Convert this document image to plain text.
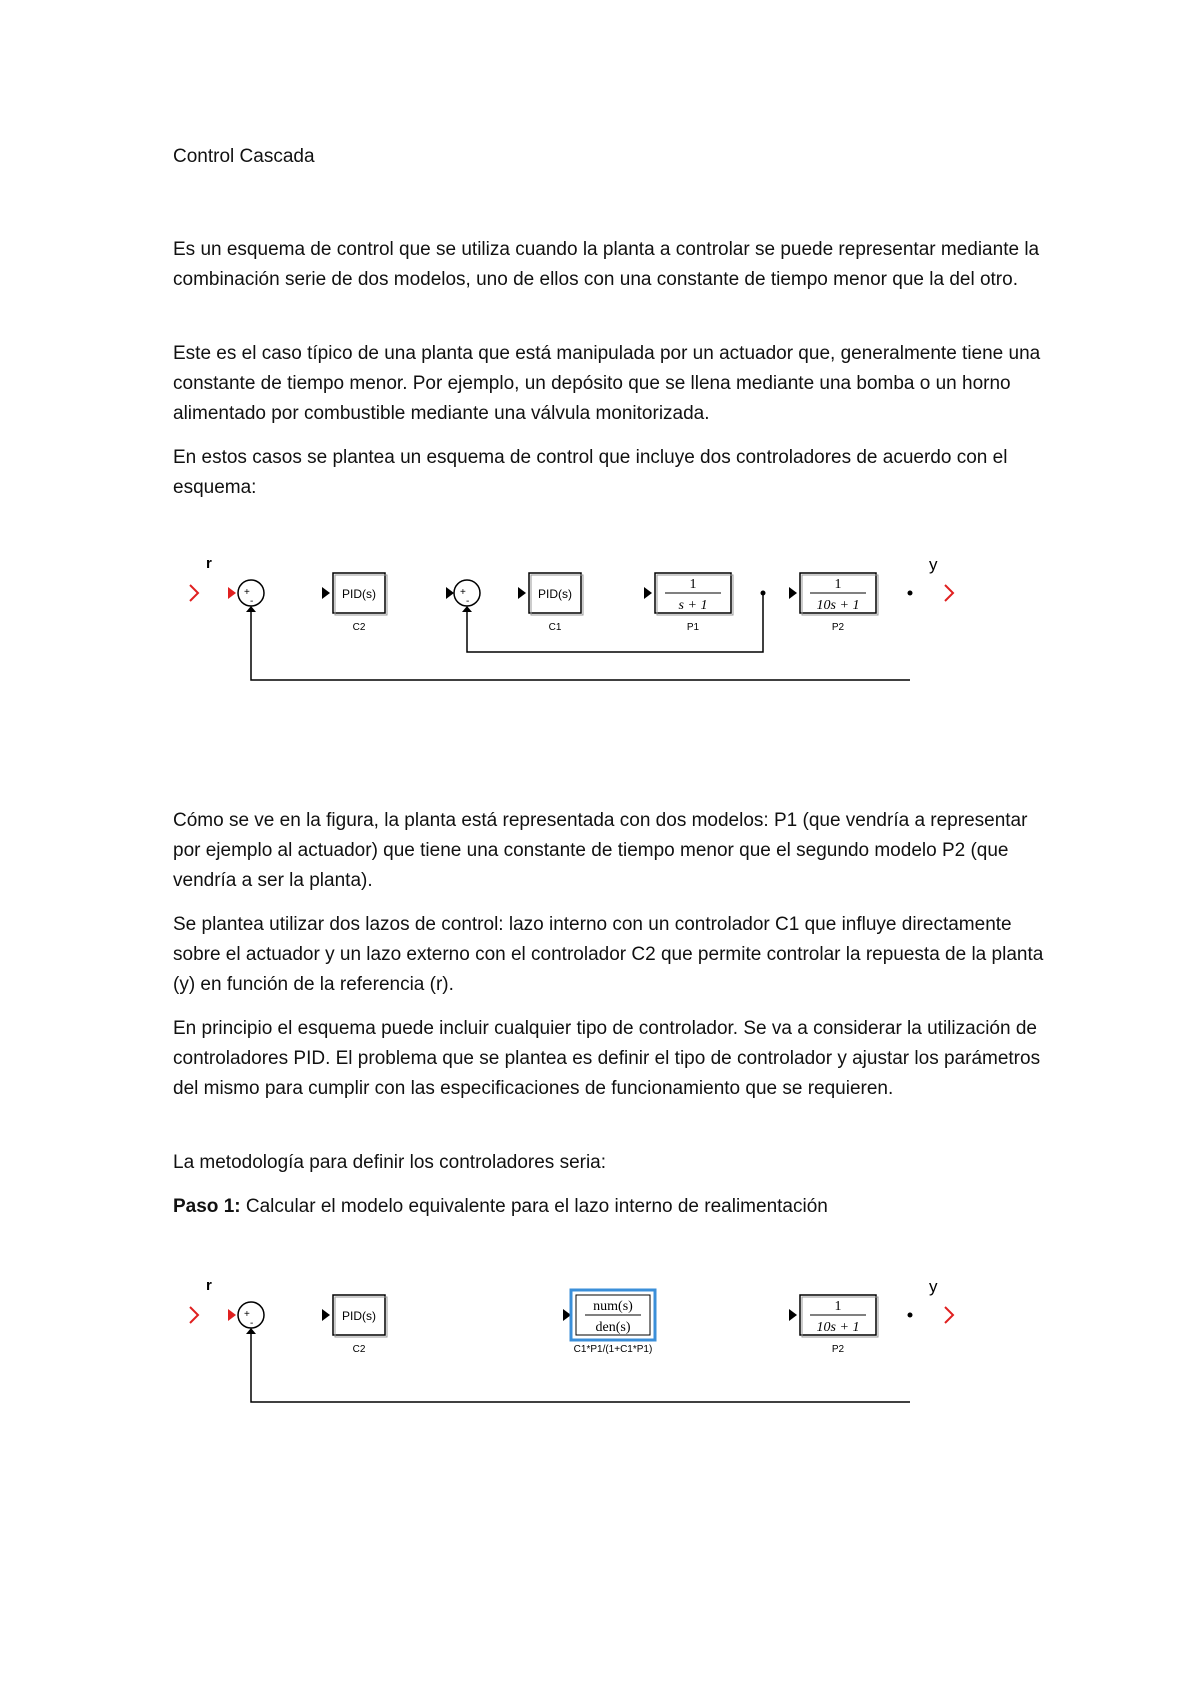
Control Cascada

Es un esquema de control que se utiliza cuando la planta a controlar se puede representar mediante la combinación serie de dos modelos, uno de ellos con una constante de tiempo menor que la del otro.

Este es el caso típico de una planta que está manipulada por un actuador que, generalmente tiene una constante de tiempo menor. Por ejemplo, un depósito que se llena mediante una bomba o un horno alimentado por combustible mediante una válvula monitorizada.

En estos casos se plantea un esquema de control que incluye dos controladores de acuerdo con el esquema:

r
+
-
PID(s)
C2
+
-
PID(s)
C1
1
s + 1
P1
1
10s + 1
P2
y

Cómo se ve en la figura, la planta está representada con dos modelos: P1 (que vendría a representar por ejemplo al actuador) que tiene una constante de tiempo menor que el segundo modelo P2 (que vendría a ser la planta).

Se plantea utilizar dos lazos de control: lazo interno con un controlador C1 que influye directamente sobre el actuador y un lazo externo con el controlador C2 que permite controlar la repuesta de la planta (y) en función de la referencia (r).

En principio el esquema puede incluir cualquier tipo de controlador. Se va a considerar la utilización de controladores PID. El problema que se plantea es definir el tipo de controlador y ajustar los parámetros del mismo para cumplir con las especificaciones de funcionamiento que se requieren.

La metodología para definir los controladores seria:

Paso 1: Calcular el modelo equivalente para el lazo interno de realimentación

r
+
-
PID(s)
C2
num(s)
den(s)
C1*P1/(1+C1*P1)
1
10s + 1
P2
y
